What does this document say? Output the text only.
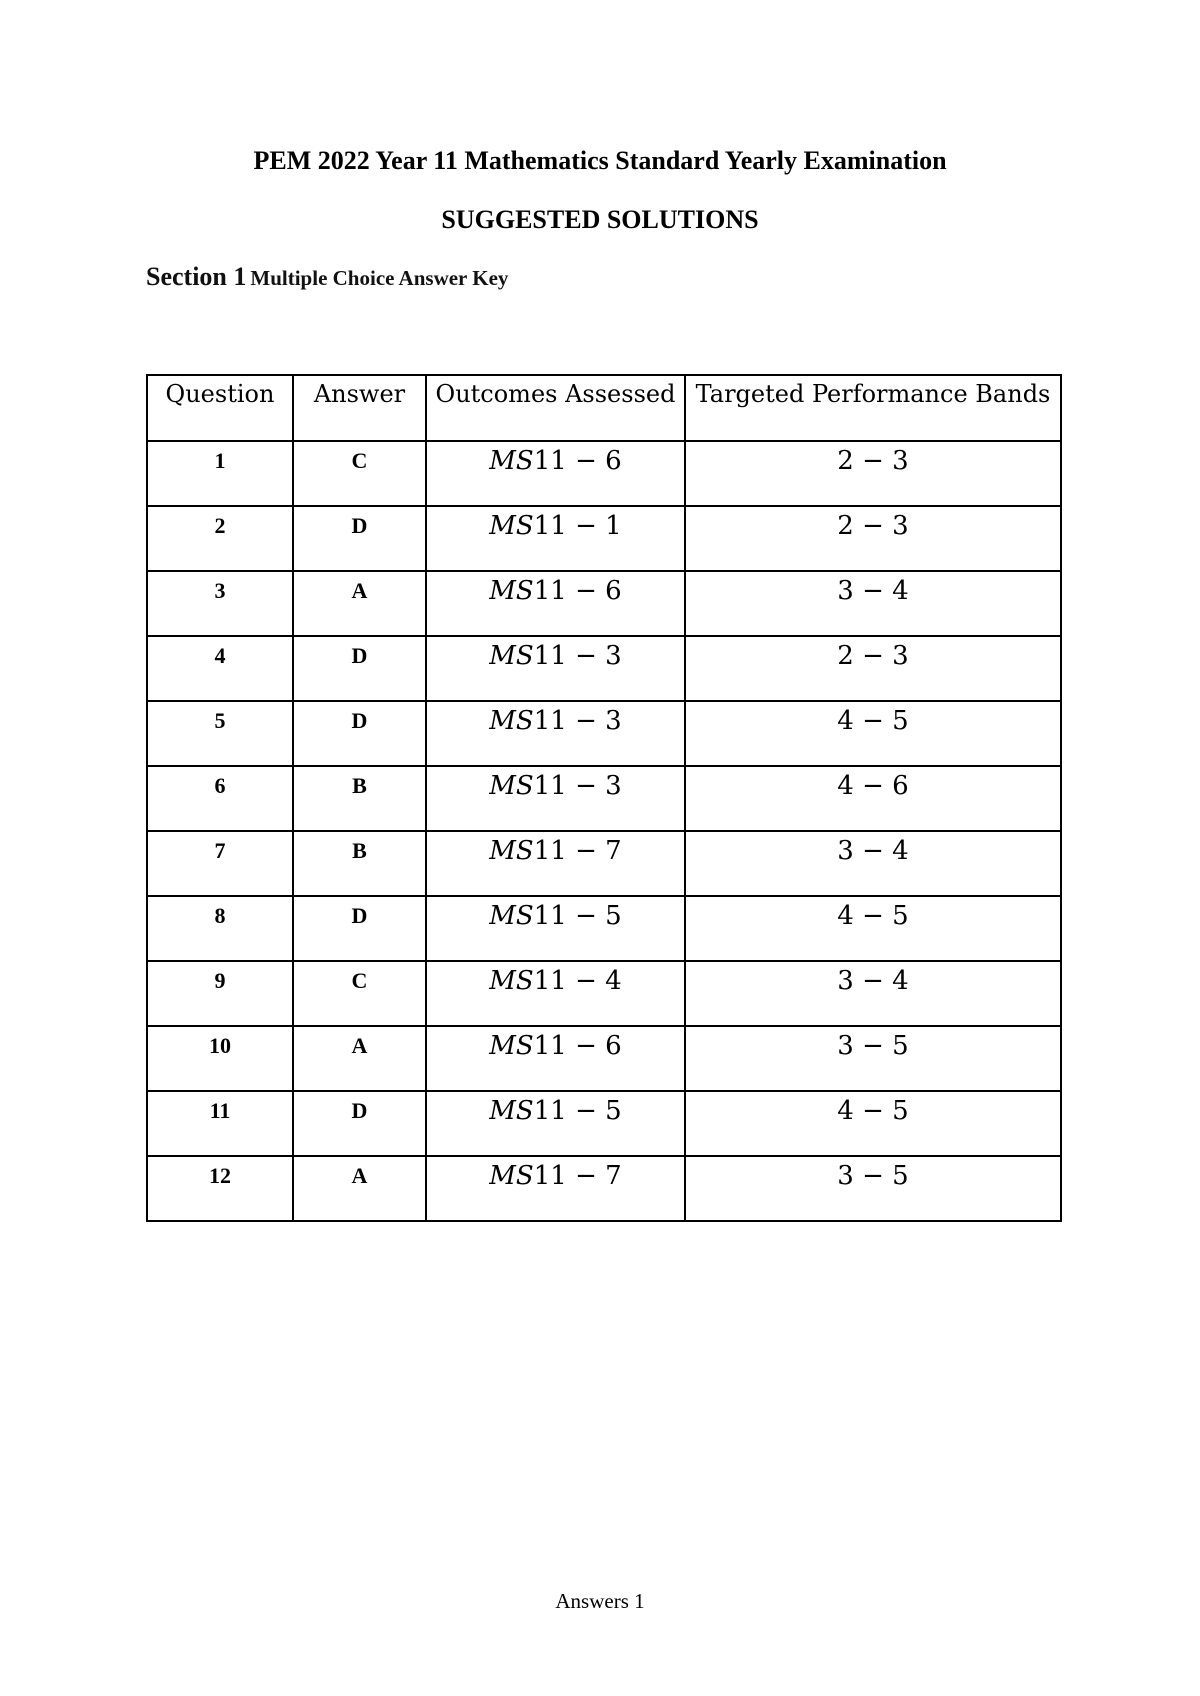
PEM 2022 Year 11 Mathematics Standard Yearly Examination
SUGGESTED SOLUTIONS
Section 1 Multiple Choice Answer Key
Question	Answer	Outcomes Assessed	Targeted Performance Bands

1	C	MS11 − 6	2 − 3

2	D	MS11 − 1	2 − 3

3	A	MS11 − 6	3 − 4

4	D	MS11 − 3	2 − 3

5	D	MS11 − 3	4 − 5

6	B	MS11 − 3	4 − 6

7	B	MS11 − 7	3 − 4

8	D	MS11 − 5	4 − 5

9	C	MS11 − 4	3 − 4

10	A	MS11 − 6	3 − 5

11	D	MS11 − 5	4 − 5

12	A	MS11 − 7	3 − 5
Answers 1
